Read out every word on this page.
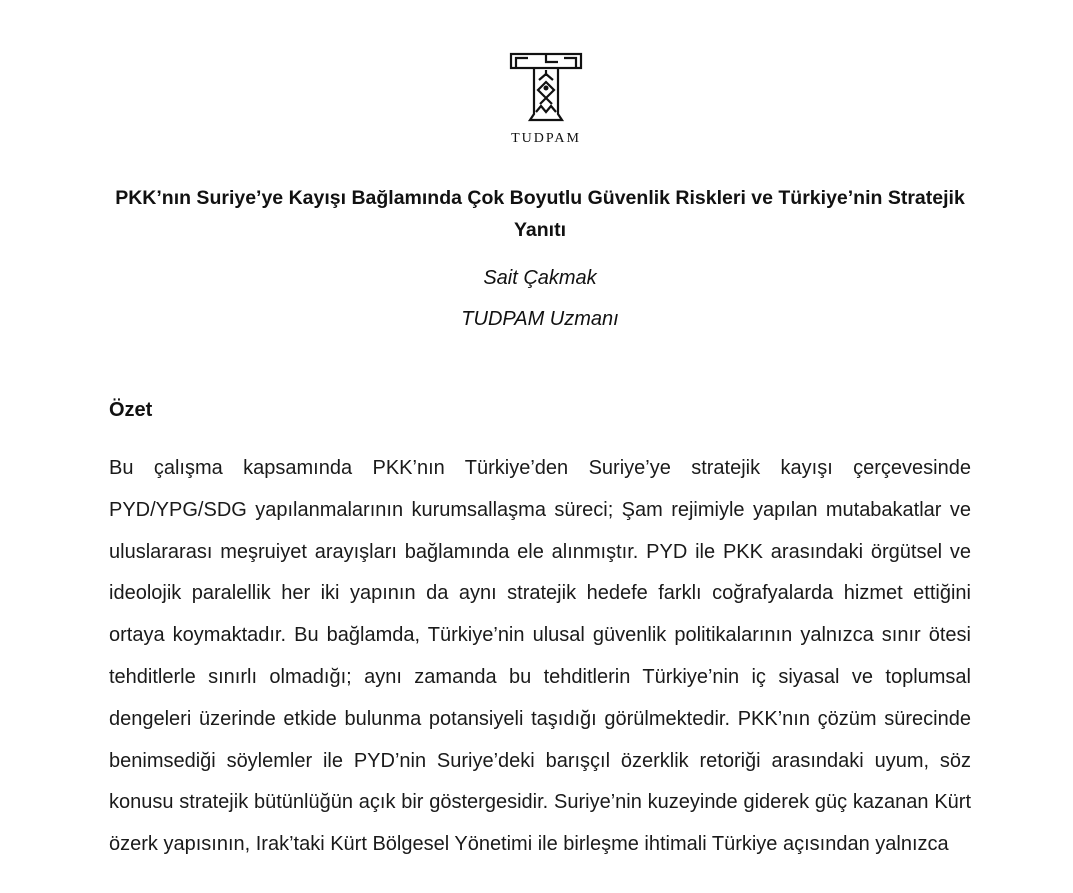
TUDPAM
PKK’nın Suriye’ye Kayışı Bağlamında Çok Boyutlu Güvenlik Riskleri ve Türkiye’nin Stratejik Yanıtı
Sait Çakmak
TUDPAM Uzmanı
Özet
Bu çalışma kapsamında PKK’nın Türkiye’den Suriye’ye stratejik kayışı çerçevesinde PYD/YPG/SDG yapılanmalarının kurumsallaşma süreci; Şam rejimiyle yapılan mutabakatlar ve uluslararası meşruiyet arayışları bağlamında ele alınmıştır. PYD ile PKK arasındaki örgütsel ve ideolojik paralellik her iki yapının da aynı stratejik hedefe farklı coğrafyalarda hizmet ettiğini ortaya koymaktadır. Bu bağlamda, Türkiye’nin ulusal güvenlik politikalarının yalnızca sınır ötesi tehditlerle sınırlı olmadığı; aynı zamanda bu tehditlerin Türkiye’nin iç siyasal ve toplumsal dengeleri üzerinde etkide bulunma potansiyeli taşıdığı görülmektedir. PKK’nın çözüm sürecinde benimsediği söylemler ile PYD’nin Suriye’deki barışçıl özerklik retoriği arasındaki uyum, söz konusu stratejik bütünlüğün açık bir göstergesidir. Suriye’nin kuzeyinde giderek güç kazanan Kürt özerk yapısının, Irak’taki Kürt Bölgesel Yönetimi ile birleşme ihtimali Türkiye açısından yalnızca
